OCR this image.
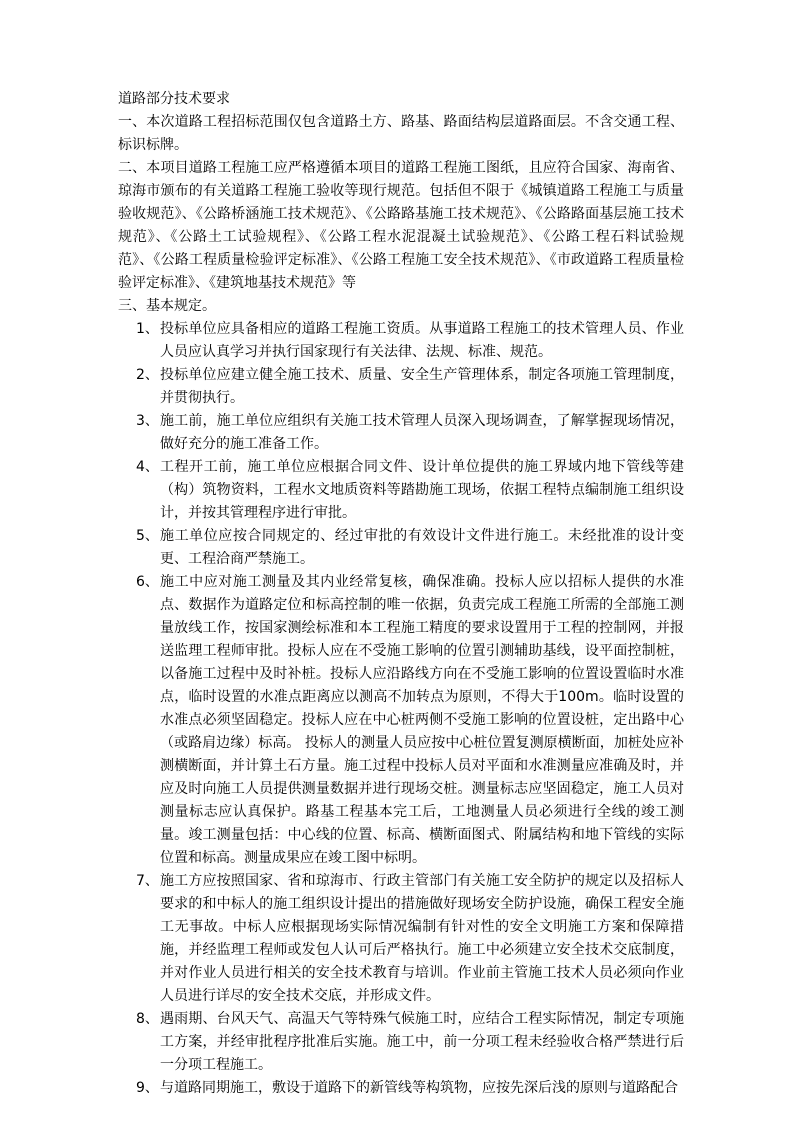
道路部分技术要求

一、本次道路工程招标范围仅包含道路土方、路基、路面结构层道路面层。不含交通工程、标识标牌。

二、本项目道路工程施工应严格遵循本项目的道路工程施工图纸，且应符合国家、海南省、琼海市颁布的有关道路工程施工验收等现行规范。包括但不限于《城镇道路工程施工与质量验收规范》、《公路桥涵施工技术规范》、《公路路基施工技术规范》、《公路路面基层施工技术规范》、《公路土工试验规程》、《公路工程水泥混凝土试验规范》、《公路工程石料试验规范》、《公路工程质量检验评定标准》、《公路工程施工安全技术规范》、《市政道路工程质量检验评定标准》、《建筑地基技术规范》等

三、基本规定。

1、 投标单位应具备相应的道路工程施工资质。从事道路工程施工的技术管理人员、作业人员应认真学习并执行国家现行有关法律、法规、标准、规范。
2、 投标单位应建立健全施工技术、质量、安全生产管理体系，制定各项施工管理制度，并贯彻执行。
3、 施工前，施工单位应组织有关施工技术管理人员深入现场调查，了解掌握现场情况，做好充分的施工准备工作。
4、 工程开工前，施工单位应根据合同文件、设计单位提供的施工界域内地下管线等建（构）筑物资料，工程水文地质资料等踏勘施工现场，依据工程特点编制施工组织设计，并按其管理程序进行审批。
5、 施工单位应按合同规定的、经过审批的有效设计文件进行施工。未经批准的设计变更、工程洽商严禁施工。
6、 施工中应对施工测量及其内业经常复核，确保准确。投标人应以招标人提供的水准点、数据作为道路定位和标高控制的唯一依据，负责完成工程施工所需的全部施工测量放线工作，按国家测绘标准和本工程施工精度的要求设置用于工程的控制网，并报送监理工程师审批。投标人应在不受施工影响的位置引测辅助基线，设平面控制桩，以备施工过程中及时补桩。投标人应沿路线方向在不受施工影响的位置设置临时水准点，临时设置的水准点距离应以测高不加转点为原则，不得大于100m。临时设置的水准点必须坚固稳定。投标人应在中心桩两侧不受施工影响的位置设桩，定出路中心（或路肩边缘）标高。 投标人的测量人员应按中心桩位置复测原横断面，加桩处应补测横断面，并计算土石方量。施工过程中投标人员对平面和水准测量应准确及时，并应及时向施工人员提供测量数据并进行现场交桩。测量标志应坚固稳定，施工人员对测量标志应认真保护。路基工程基本完工后，工地测量人员必须进行全线的竣工测量。竣工测量包括：中心线的位置、标高、横断面图式、附属结构和地下管线的实际位置和标高。测量成果应在竣工图中标明。
7、 施工方应按照国家、省和琼海市、行政主管部门有关施工安全防护的规定以及招标人要求的和中标人的施工组织设计提出的措施做好现场安全防护设施，确保工程安全施工无事故。中标人应根据现场实际情况编制有针对性的安全文明施工方案和保障措施，并经监理工程师或发包人认可后严格执行。施工中必须建立安全技术交底制度，并对作业人员进行相关的安全技术教育与培训。作业前主管施工技术人员必须向作业人员进行详尽的安全技术交底，并形成文件。
8、 遇雨期、台风天气、高温天气等特殊气候施工时，应结合工程实际情况，制定专项施工方案，并经审批程序批准后实施。施工中，前一分项工程未经验收合格严禁进行后一分项工程施工。
9、 与道路同期施工，敷设于道路下的新管线等构筑物，应按先深后浅的原则与道路配合
